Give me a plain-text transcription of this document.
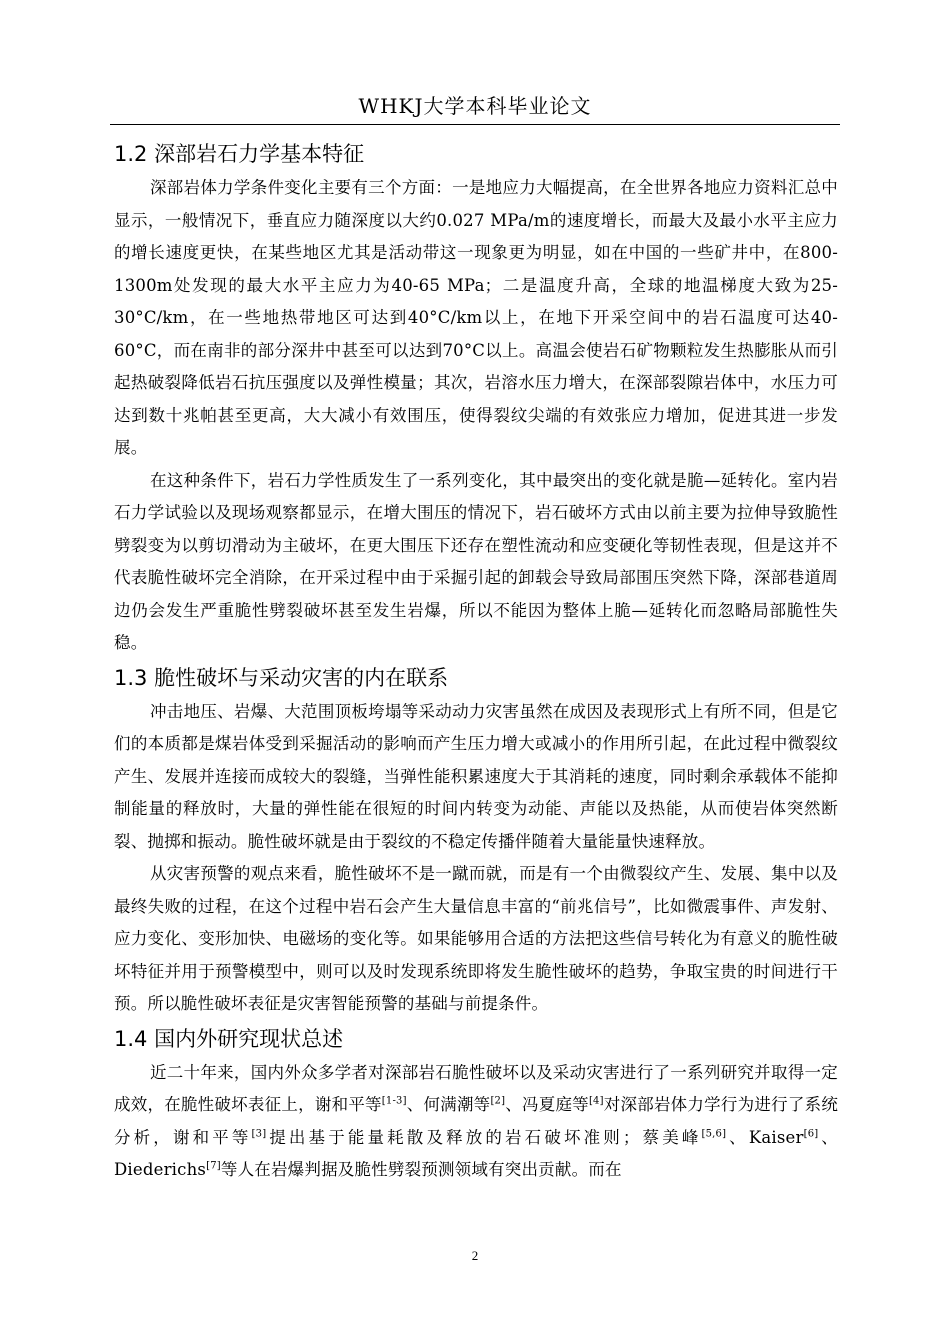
WHKJ大学本科毕业论文
1.2 深部岩石力学基本特征

深部岩体力学条件变化主要有三个方面：一是地应力大幅提高，在全世界各地应力资料汇总中显示，一般情况下，垂直应力随深度以大约0.027 MPa/m的速度增长，而最大及最小水平主应力的增长速度更快，在某些地区尤其是活动带这一现象更为明显，如在中国的一些矿井中，在800-1300m处发现的最大水平主应力为40-65 MPa；二是温度升高，全球的地温梯度大致为25-30°C/km，在一些地热带地区可达到40°C/km以上，在地下开采空间中的岩石温度可达40-60°C，而在南非的部分深井中甚至可以达到70°C以上。高温会使岩石矿物颗粒发生热膨胀从而引起热破裂降低岩石抗压强度以及弹性模量；其次，岩溶水压力增大，在深部裂隙岩体中，水压力可达到数十兆帕甚至更高，大大减小有效围压，使得裂纹尖端的有效张应力增加，促进其进一步发展。

在这种条件下，岩石力学性质发生了一系列变化，其中最突出的变化就是脆—延转化。室内岩石力学试验以及现场观察都显示，在增大围压的情况下，岩石破坏方式由以前主要为拉伸导致脆性劈裂变为以剪切滑动为主破坏，在更大围压下还存在塑性流动和应变硬化等韧性表现，但是这并不代表脆性破坏完全消除，在开采过程中由于采掘引起的卸载会导致局部围压突然下降，深部巷道周边仍会发生严重脆性劈裂破坏甚至发生岩爆，所以不能因为整体上脆—延转化而忽略局部脆性失稳。

1.3 脆性破坏与采动灾害的内在联系

冲击地压、岩爆、大范围顶板垮塌等采动动力灾害虽然在成因及表现形式上有所不同，但是它们的本质都是煤岩体受到采掘活动的影响而产生压力增大或减小的作用所引起，在此过程中微裂纹产生、发展并连接而成较大的裂缝，当弹性能积累速度大于其消耗的速度，同时剩余承载体不能抑制能量的释放时，大量的弹性能在很短的时间内转变为动能、声能以及热能，从而使岩体突然断裂、抛掷和振动。脆性破坏就是由于裂纹的不稳定传播伴随着大量能量快速释放。

从灾害预警的观点来看，脆性破坏不是一蹴而就，而是有一个由微裂纹产生、发展、集中以及最终失败的过程，在这个过程中岩石会产生大量信息丰富的“前兆信号”，比如微震事件、声发射、应力变化、变形加快、电磁场的变化等。如果能够用合适的方法把这些信号转化为有意义的脆性破坏特征并用于预警模型中，则可以及时发现系统即将发生脆性破坏的趋势，争取宝贵的时间进行干预。所以脆性破坏表征是灾害智能预警的基础与前提条件。

1.4 国内外研究现状总述

近二十年来，国内外众多学者对深部岩石脆性破坏以及采动灾害进行了一系列研究并取得一定成效，在脆性破坏表征上，谢和平等[1-3]、何满潮等[2]、冯夏庭等[4]对深部岩体力学行为进行了系统分析，谢和平等[3]提出基于能量耗散及释放的岩石破坏准则；蔡美峰[5,6]、Kaiser[6]、Diederichs[7]等人在岩爆判据及脆性劈裂预测领域有突出贡献。而在

2
